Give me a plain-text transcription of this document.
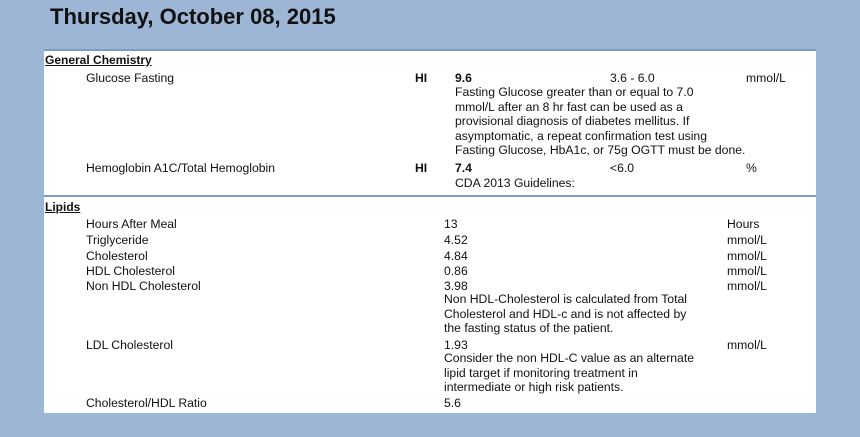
Thursday, October 08, 2015
General Chemistry
Glucose Fasting	HI 9.6	3.6 - 6.0	mmol/L
Fasting Glucose greater than or equal to 7.0
mmol/L after an 8 hr fast can be used as a
provisional diagnosis of diabetes mellitus. If
asymptomatic, a repeat confirmation test using
Fasting Glucose, HbA1c, or 75g OGTT must be done.
Hemoglobin A1C/Total Hemoglobin	HI 7.4	<6.0	%
CDA 2013 Guidelines:
Lipids
Hours After Meal	13	Hours
Triglyceride	4.52	mmol/L
Cholesterol	4.84	mmol/L
HDL Cholesterol	0.86	mmol/L
Non HDL Cholesterol	3.98	mmol/L
Non HDL-Cholesterol is calculated from Total
Cholesterol and HDL-c and is not affected by
the fasting status of the patient.
LDL Cholesterol	1.93	mmol/L
Consider the non HDL-C value as an alternate
lipid target if monitoring treatment in
intermediate or high risk patients.
Cholesterol/HDL Ratio	5.6
